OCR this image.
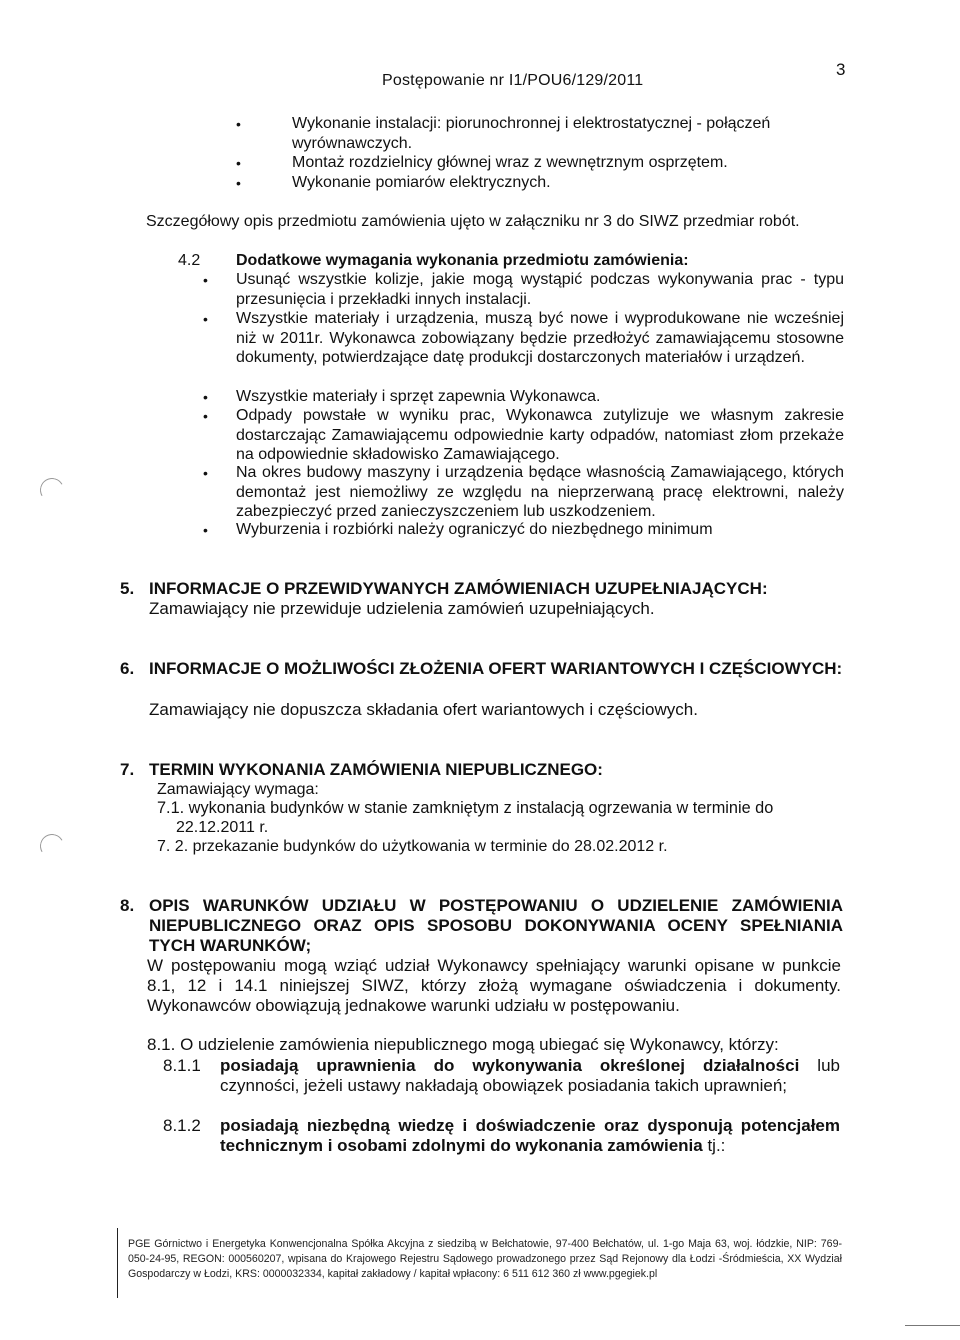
3
Postępowanie nr I1/POU6/129/2011
•	Wykonanie instalacji: piorunochronnej i elektrostatycznej - połączeń wyrównawczych.
•	Montaż rozdzielnicy głównej wraz z wewnętrznym osprzętem.
•	Wykonanie pomiarów elektrycznych.
Szczegółowy opis przedmiotu zamówienia ujęto w załączniku nr 3 do SIWZ przedmiar robót.
4.2 Dodatkowe wymagania wykonania przedmiotu zamówienia:
• Usunąć wszystkie kolizje, jakie mogą wystąpić podczas wykonywania prac - typu przesunięcia i przekładki innych instalacji.
• Wszystkie materiały i urządzenia, muszą być nowe i wyprodukowane nie wcześniej niż w 2011r. Wykonawca zobowiązany będzie przedłożyć zamawiającemu stosowne dokumenty, potwierdzające datę produkcji dostarczonych materiałów i urządzeń.
• Wszystkie materiały i sprzęt zapewnia Wykonawca.
• Odpady powstałe w wyniku prac, Wykonawca zutylizuje we własnym zakresie dostarczając Zamawiającemu odpowiednie karty odpadów, natomiast złom przekaże na odpowiednie składowisko Zamawiającego.
• Na okres budowy maszyny i urządzenia będące własnością Zamawiającego, których demontaż jest niemożliwy ze względu na nieprzerwaną pracę elektrowni, należy zabezpieczyć przed zanieczyszczeniem lub uszkodzeniem.
• Wyburzenia i rozbiórki należy ograniczyć do niezbędnego minimum
5. INFORMACJE O PRZEWIDYWANYCH ZAMÓWIENIACH UZUPEŁNIAJĄCYCH:
Zamawiający nie przewiduje udzielenia zamówień uzupełniających.
6. INFORMACJE O MOŻLIWOŚCI ZŁOŻENIA OFERT WARIANTOWYCH I CZĘŚCIOWYCH:
Zamawiający nie dopuszcza składania ofert wariantowych i częściowych.
7. TERMIN WYKONANIA ZAMÓWIENIA NIEPUBLICZNEGO:
Zamawiający wymaga:
7.1. wykonania budynków w stanie zamkniętym z instalacją ogrzewania w terminie do
22.12.2011 r.
7. 2. przekazanie budynków do użytkowania w terminie do 28.02.2012 r.
8. OPIS WARUNKÓW UDZIAŁU W POSTĘPOWANIU O UDZIELENIE ZAMÓWIENIA NIEPUBLICZNEGO ORAZ OPIS SPOSOBU DOKONYWANIA OCENY SPEŁNIANIA TYCH WARUNKÓW;
W postępowaniu mogą wziąć udział Wykonawcy spełniający warunki opisane w punkcie 8.1, 12 i 14.1 niniejszej SIWZ, którzy złożą wymagane oświadczenia i dokumenty. Wykonawców obowiązują jednakowe warunki udziału w postępowaniu.
8.1. O udzielenie zamówienia niepublicznego mogą ubiegać się Wykonawcy, którzy:
8.1.1 posiadają uprawnienia do wykonywania określonej działalności lub czynności, jeżeli ustawy nakładają obowiązek posiadania takich uprawnień;
8.1.2 posiadają niezbędną wiedzę i doświadczenie oraz dysponują potencjałem technicznym i osobami zdolnymi do wykonania zamówienia tj.:
PGE Górnictwo i Energetyka Konwencjonalna Spółka Akcyjna z siedzibą w Bełchatowie, 97-400 Bełchatów, ul. 1-go Maja 63, woj. łódzkie, NIP: 769-050-24-95, REGON: 000560207, wpisana do Krajowego Rejestru Sądowego prowadzonego przez Sąd Rejonowy dla Łodzi -Śródmieścia, XX Wydział Gospodarczy w Łodzi, KRS: 0000032334, kapitał zakładowy / kapitał wpłacony: 6 511 612 360 zł www.pgegiek.pl
